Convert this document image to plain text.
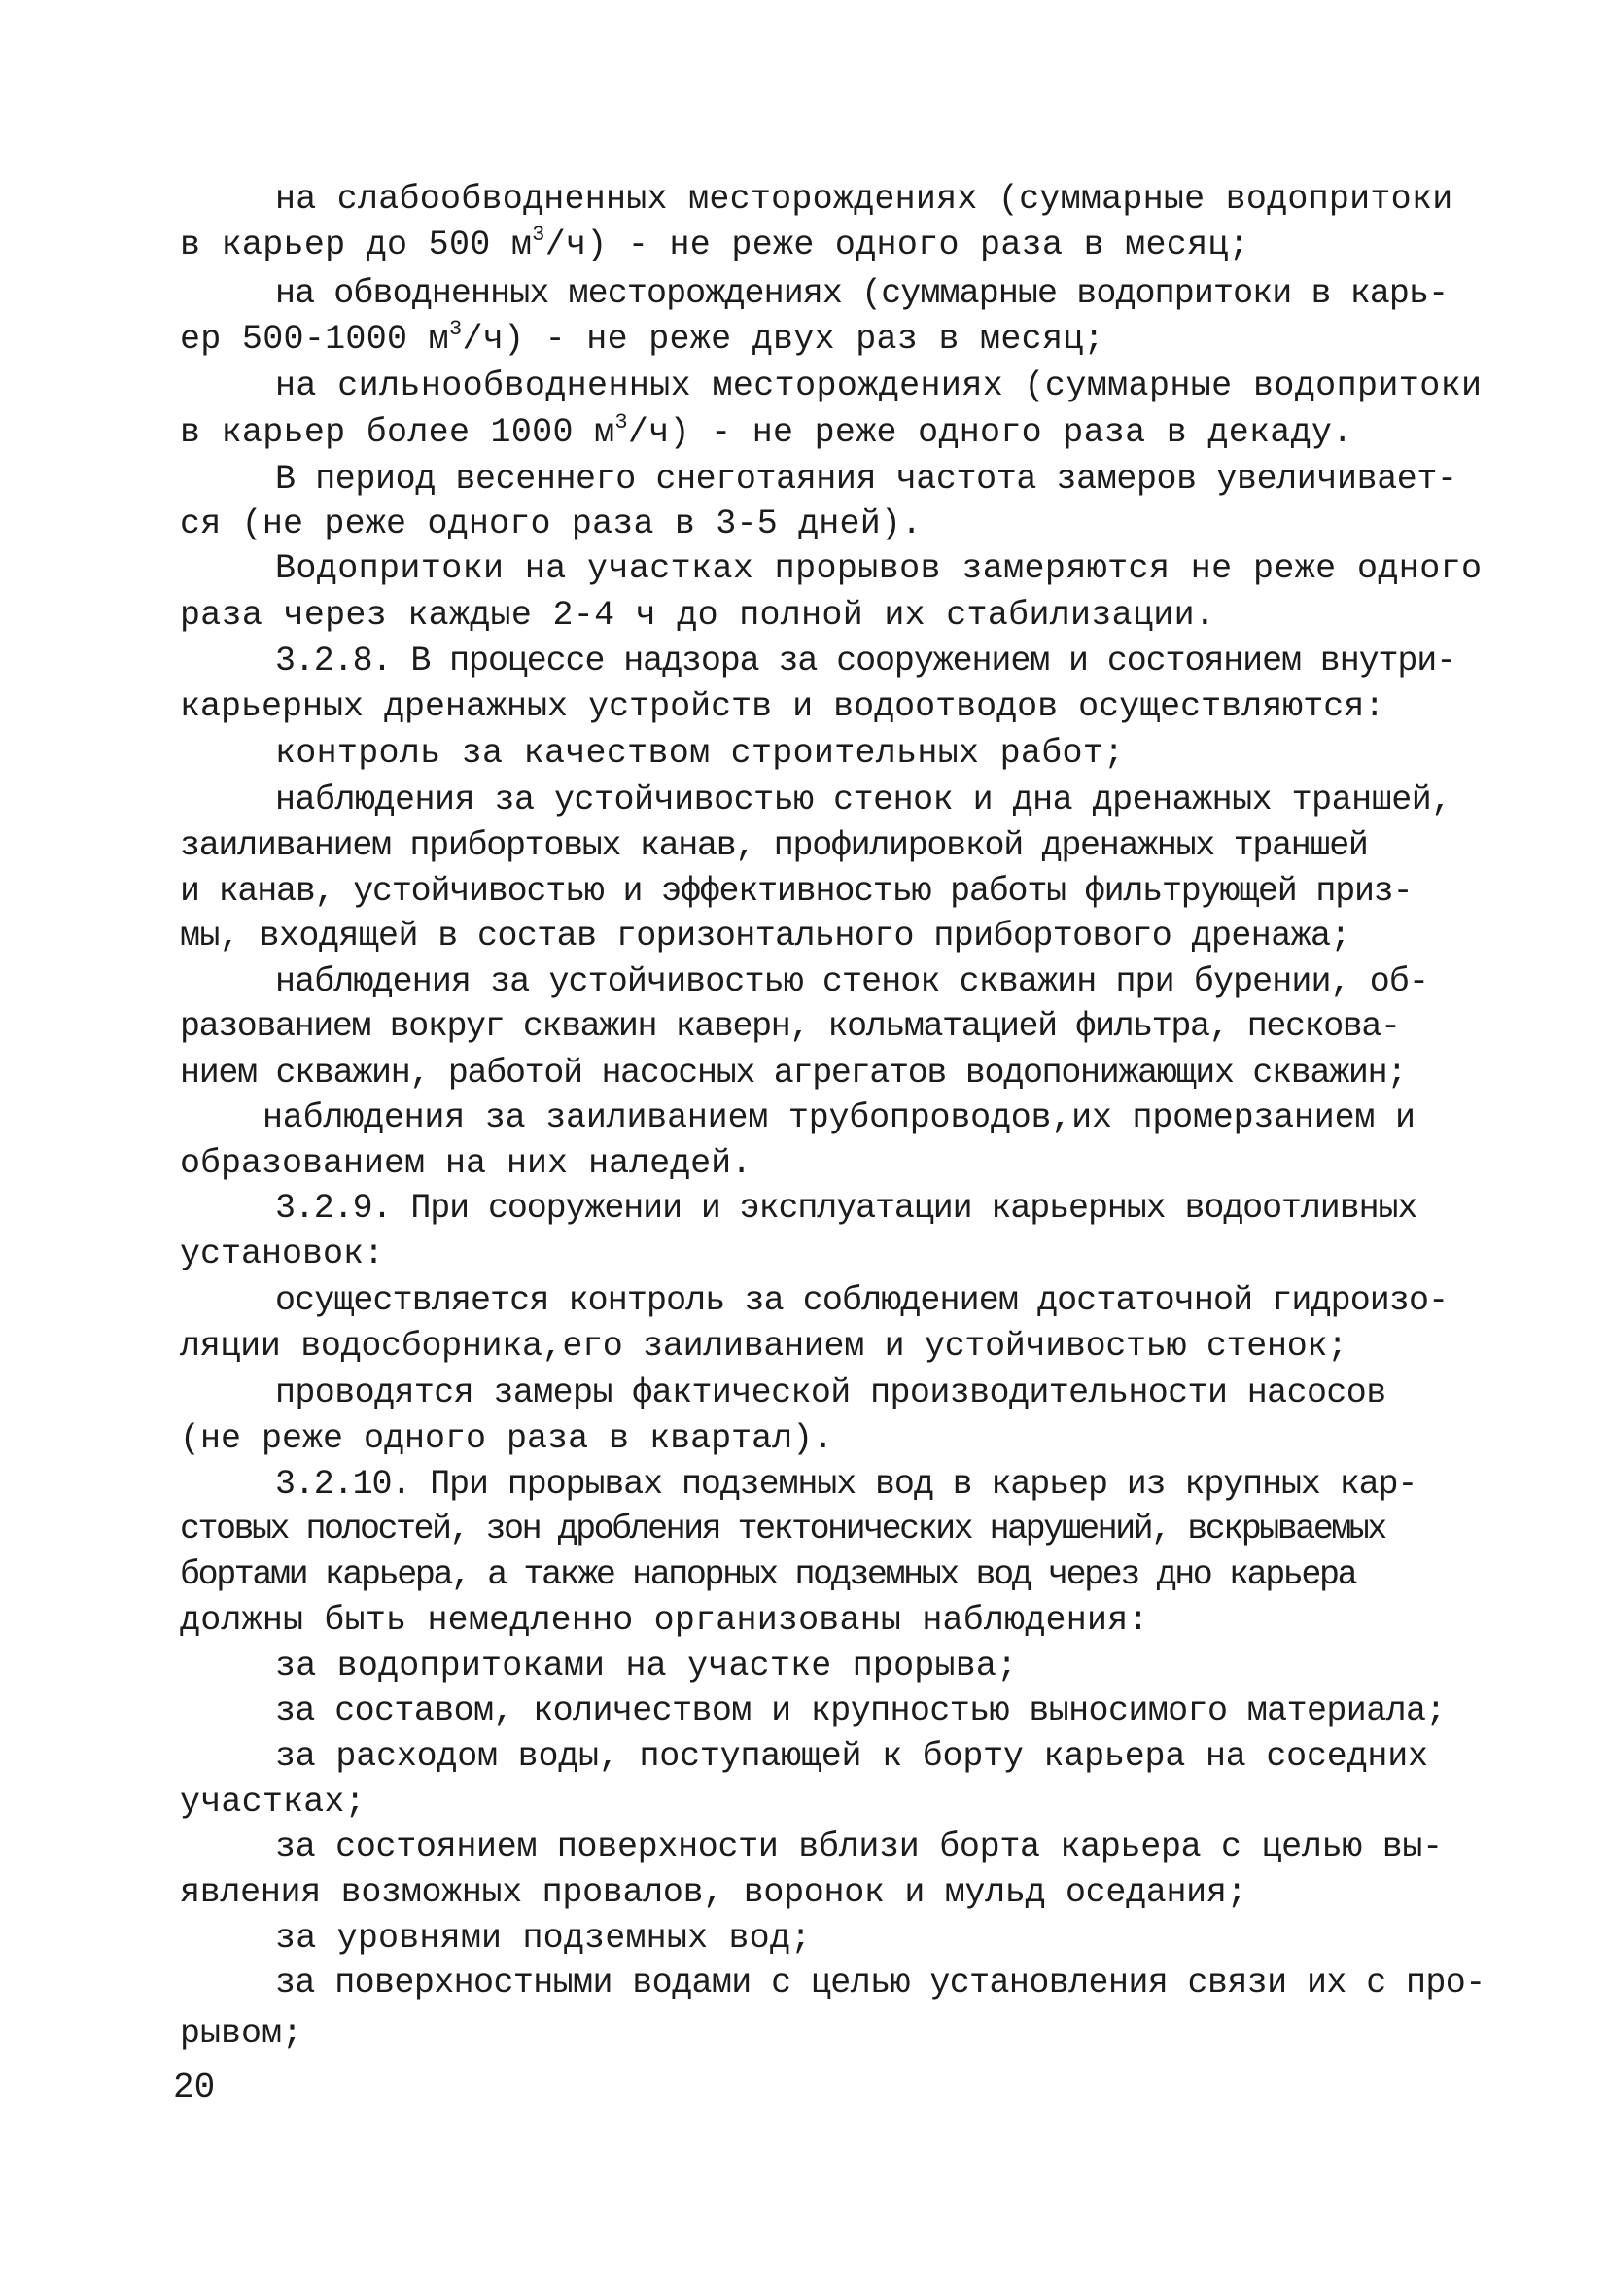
на слабообводненных месторождениях (суммарные водопритоки

в карьер до 500 $м^3/ч$) - не реже одного раза в месяц;

на обводненных месторождениях (суммарные водопритоки в карь-

ер 500-1000 $м^3/ч$) - не реже двух раз в месяц;

на сильнообводненных месторождениях (суммарные водопритоки

в карьер более 1000 $м^3/ч$) - не реже одного раза в декаду.

В период весеннего снеготаяния частота замеров увеличивает-

ся (не реже одного раза в 3-5 дней).

Водопритоки на участках прорывов замеряются не реже одного

раза через каждые 2-4 ч до полной их стабилизации.

3.2.8. В процессе надзора за сооружением и состоянием внутри-

карьерных дренажных устройств и водоотводов осуществляются:

контроль за качеством строительных работ;

наблюдения за устойчивостью стенок и дна дренажных траншей,

заиливанием прибортовых канав, профилировкой дренажных траншей

и канав, устойчивостью и эффективностью работы фильтрующей приз-

мы, входящей в состав горизонтального прибортового дренажа;

наблюдения за устойчивостью стенок скважин при бурении, об-

разованием вокруг скважин каверн, кольматацией фильтра, пескова-

нием скважин, работой насосных агрегатов водопонижающих скважин;

наблюдения за заиливанием трубопроводов,их промерзанием и

образованием на них наледей.

3.2.9. При сооружении и эксплуатации карьерных водоотливных

установок:

осуществляется контроль за соблюдением достаточной гидроизо-

ляции водосборника,его заиливанием и устойчивостью стенок;

проводятся замеры фактической производительности насосов

(не реже одного раза в квартал).

3.2.10. При прорывах подземных вод в карьер из крупных кар-

стовых полостей, зон дробления тектонических нарушений, вскрываемых

бортами карьера, а также напорных подземных вод через дно карьера

должны быть немедленно организованы наблюдения:

за водопритоками на участке прорыва;

за составом, количеством и крупностью выносимого материала;

за расходом воды, поступающей к борту карьера на соседних

участках;

за состоянием поверхности вблизи борта карьера с целью вы-

явления возможных провалов, воронок и мульд оседания;

за уровнями подземных вод;

за поверхностными водами с целью установления связи их с про-

рывом;

20
